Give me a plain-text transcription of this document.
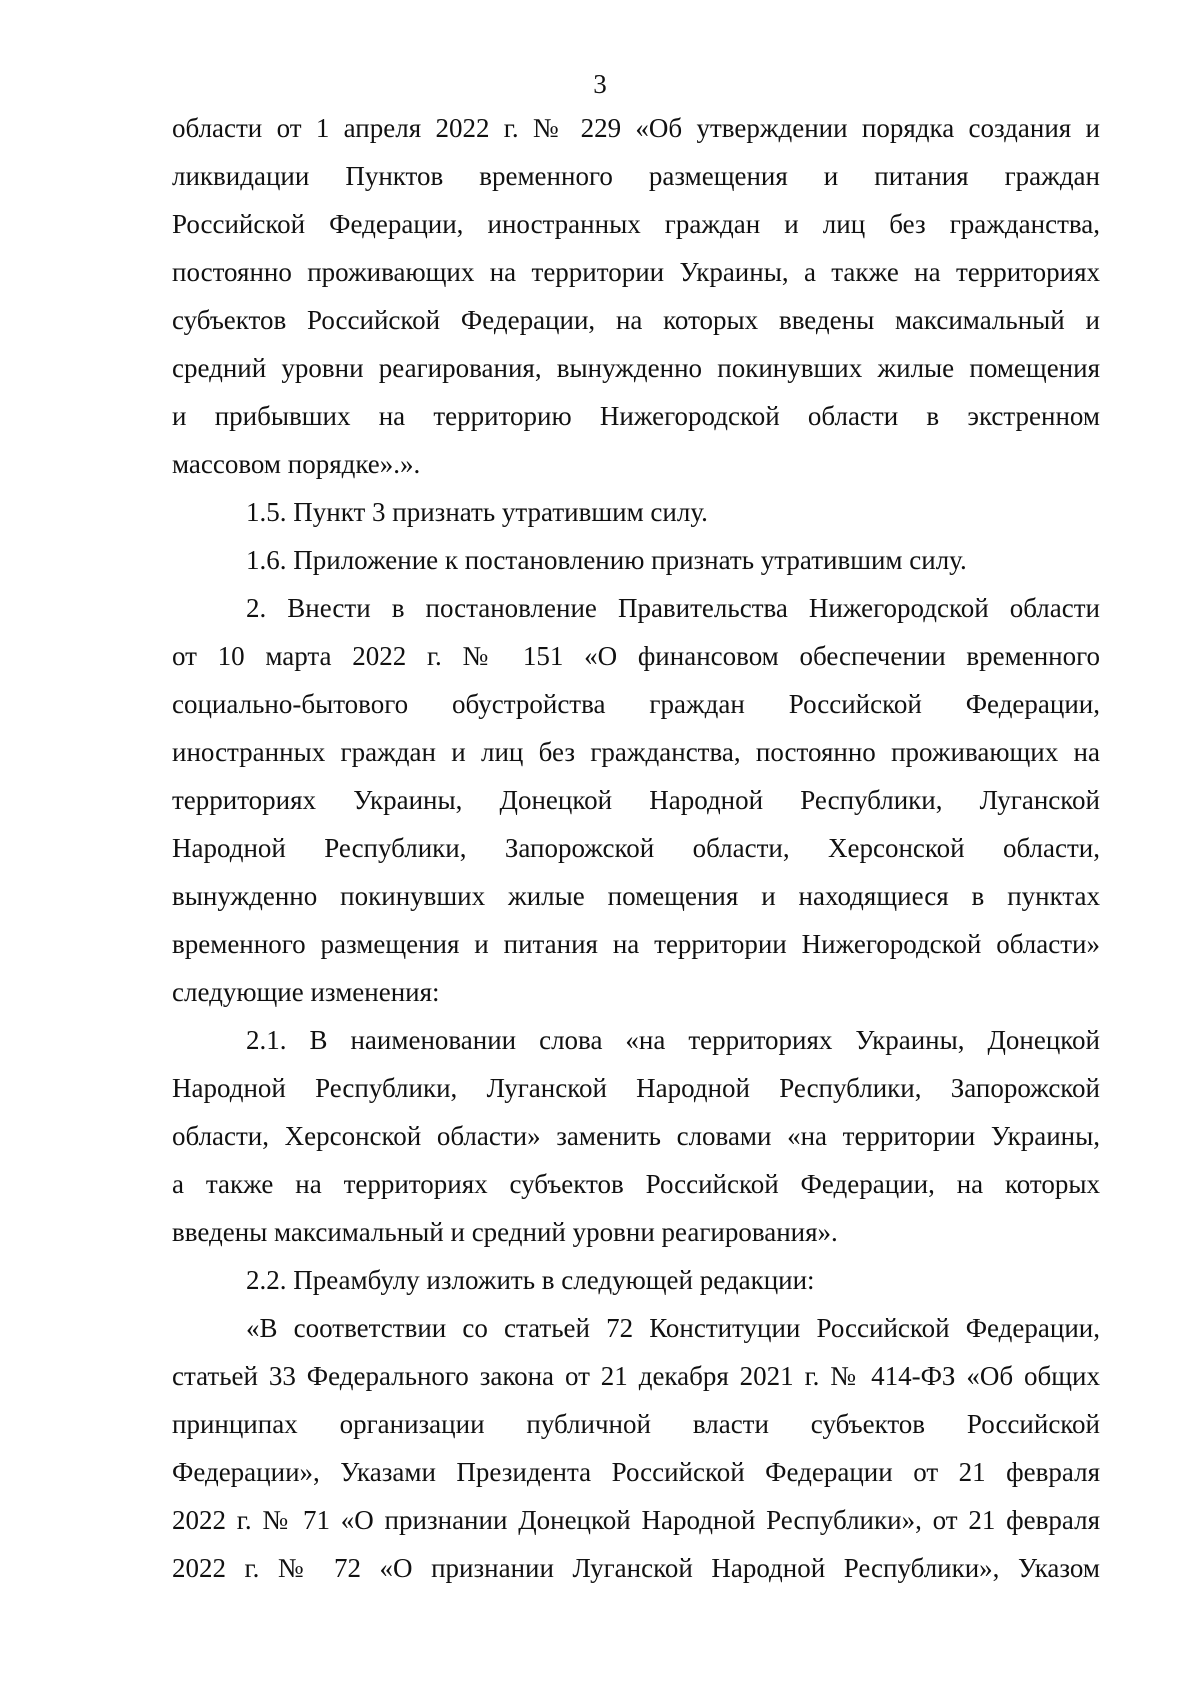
3

области от 1 апреля 2022 г. № 229 «Об утверждении порядка создания и

ликвидации Пунктов временного размещения и питания граждан

Российской Федерации, иностранных граждан и лиц без гражданства,

постоянно проживающих на территории Украины, а также на территориях

субъектов Российской Федерации, на которых введены максимальный и

средний уровни реагирования, вынужденно покинувших жилые помещения

и прибывших на территорию Нижегородской области в экстренном

массовом порядке».».

1.5. Пункт 3 признать утратившим силу.

1.6. Приложение к постановлению признать утратившим силу.

2. Внести в постановление Правительства Нижегородской области

от 10 марта 2022 г. № 151 «О финансовом обеспечении временного

социально-бытового обустройства граждан Российской Федерации,

иностранных граждан и лиц без гражданства, постоянно проживающих на

территориях Украины, Донецкой Народной Республики, Луганской

Народной Республики, Запорожской области, Херсонской области,

вынужденно покинувших жилые помещения и находящиеся в пунктах

временного размещения и питания на территории Нижегородской области»

следующие изменения:

2.1. В наименовании слова «на территориях Украины, Донецкой

Народной Республики, Луганской Народной Республики, Запорожской

области, Херсонской области» заменить словами «на территории Украины,

а также на территориях субъектов Российской Федерации, на которых

введены максимальный и средний уровни реагирования».

2.2. Преамбулу изложить в следующей редакции:

«В соответствии со статьей 72 Конституции Российской Федерации,

статьей 33 Федерального закона от 21 декабря 2021 г. № 414-ФЗ «Об общих

принципах организации публичной власти субъектов Российской

Федерации», Указами Президента Российской Федерации от 21 февраля

2022 г. № 71 «О признании Донецкой Народной Республики», от 21 февраля

2022 г. № 72 «О признании Луганской Народной Республики», Указом
